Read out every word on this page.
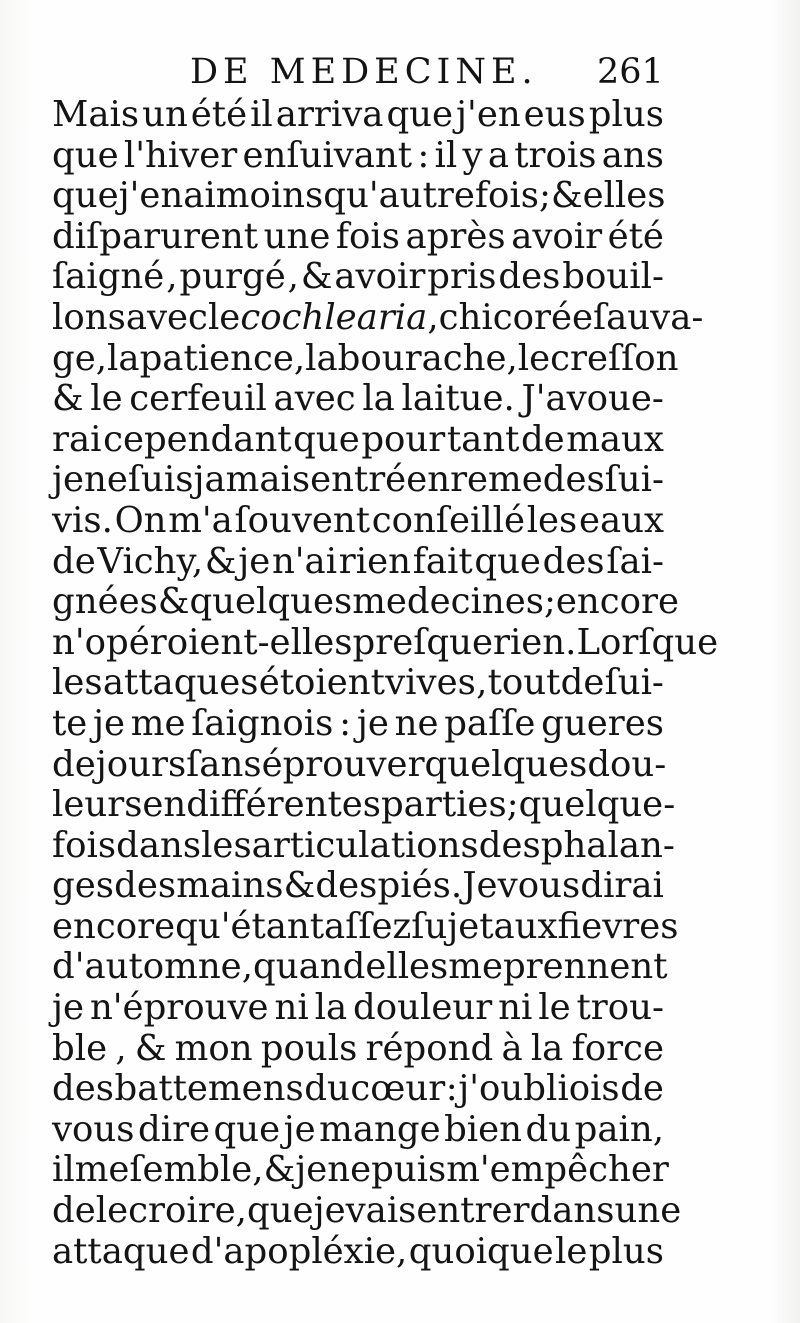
DE MEDECINE. 261
Mais un été il arriva que j'en eus plus
que l'hiver enſuivant : il y a trois ans
que j'en ai moins qu'autrefois ; & elles
diſparurent une fois après avoir été
ſaigné , purgé , & avoir pris des bouil-
lons avec le cochlearia, chicorée ſauva-
ge , la patience,la bourache , le creſſon
& le cerfeuil avec la laitue. J'avoue-
rai cependant que pour tant de maux
je ne ſuis jamais entré en remedes ſui-
vis. On m'a ſouvent conſeillé les eaux
de Vichy, & je n'ai rien fait que des ſai-
gnées & quelques medecines ; encore
n'opéroient-elles preſque rien. Lorſque
les attaques étoient vives , tout de ſui-
te je me ſaignois : je ne paſſe gueres
de jours ſans éprouver quelques dou-
leurs en différentes parties ; quelque-
fois dans les articulations des phalan-
ges des mains & des piés. Je vous dirai
encore qu'étant aſſez ſujet aux fievres
d'automne , quand elles me prennent
je n'éprouve ni la douleur ni le trou-
ble , & mon pouls répond à la force
des battemens du cœur : j'oubliois de
vous dire que je mange bien du pain,
il me ſemble,& je ne puis m'empêcher
de le croire , que je vais entrer dans une
attaque d'apopléxie, quoique le plus
